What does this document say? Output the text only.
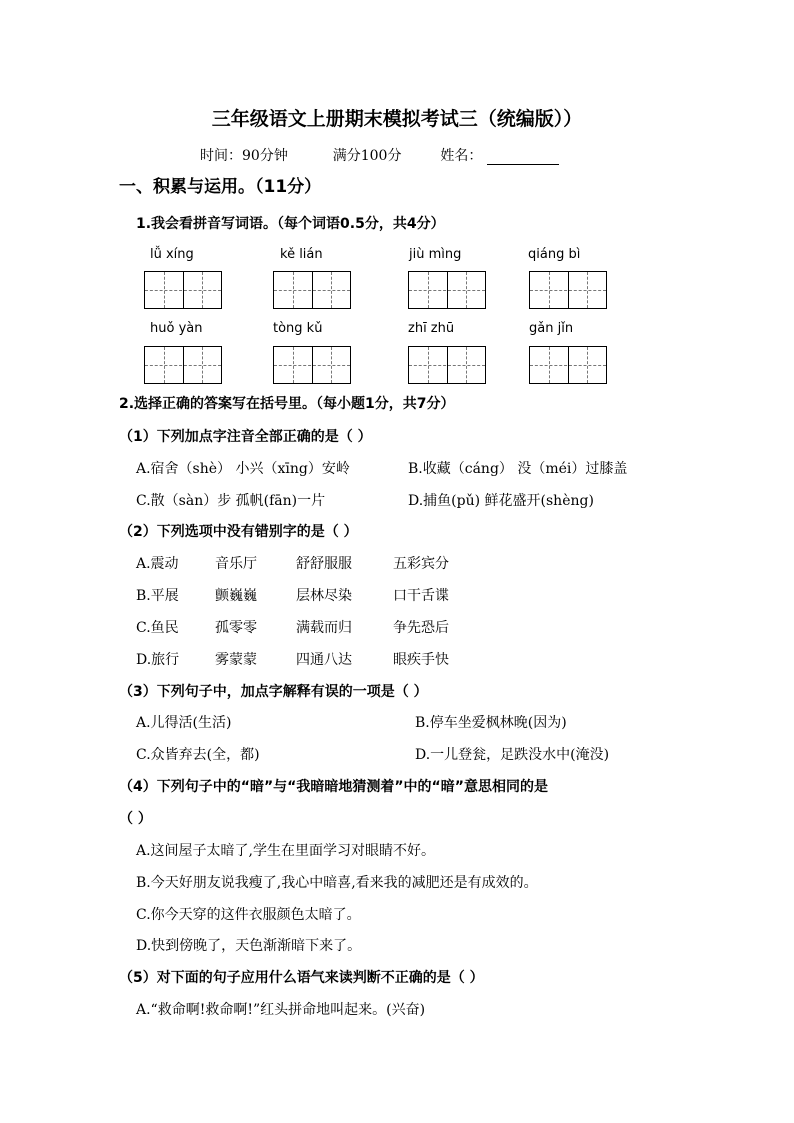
三年级语文上册期末模拟考试三（统编版））
时间：90分钟	满分100分	姓名：
一、积累与运用。（11分）
1.我会看拼音写词语。（每个词语0.5分，共4分）
lǚ xíng	kě lián	jiù mìng	qiáng bì
huǒ yàn	tòng kǔ	zhī zhū	gǎn jǐn
2.选择正确的答案写在括号里。（每小题1分，共7分）
（1）下列加点字注音全部正确的是（ ）
A.宿舍（shè） 小兴（xīng）安岭	B.收藏（cáng） 没（méi）过膝盖
C.散（sàn）步 孤帆(fān)一片	D.捕鱼(pǔ) 鲜花盛开(shèng)
（2）下列选项中没有错别字的是（ ）
A.震动	音乐厅	舒舒服服	五彩宾分
B.平展	颤巍巍	层林尽染	口干舌谍
C.鱼民	孤零零	满载而归	争先恐后
D.旅行	雾蒙蒙	四通八达	眼疾手快
（3）下列句子中，加点字解释有误的一项是（ ）
A.儿得活(生活)	B.停车坐爱枫林晚(因为)
C.众皆弃去(全，都)	D.一儿登瓮，足跌没水中(淹没)
（4）下列句子中的“暗”与“我暗暗地猜测着”中的“暗”意思相同的是
（ ）
A.这间屋子太暗了,学生在里面学习对眼睛不好。
B.今天好朋友说我瘦了,我心中暗喜,看来我的减肥还是有成效的。
C.你今天穿的这件衣服颜色太暗了。
D.快到傍晚了，天色渐渐暗下来了。
（5）对下面的句子应用什么语气来读判断不正确的是（ ）
A.“救命啊!救命啊!”红头拼命地叫起来。(兴奋)
